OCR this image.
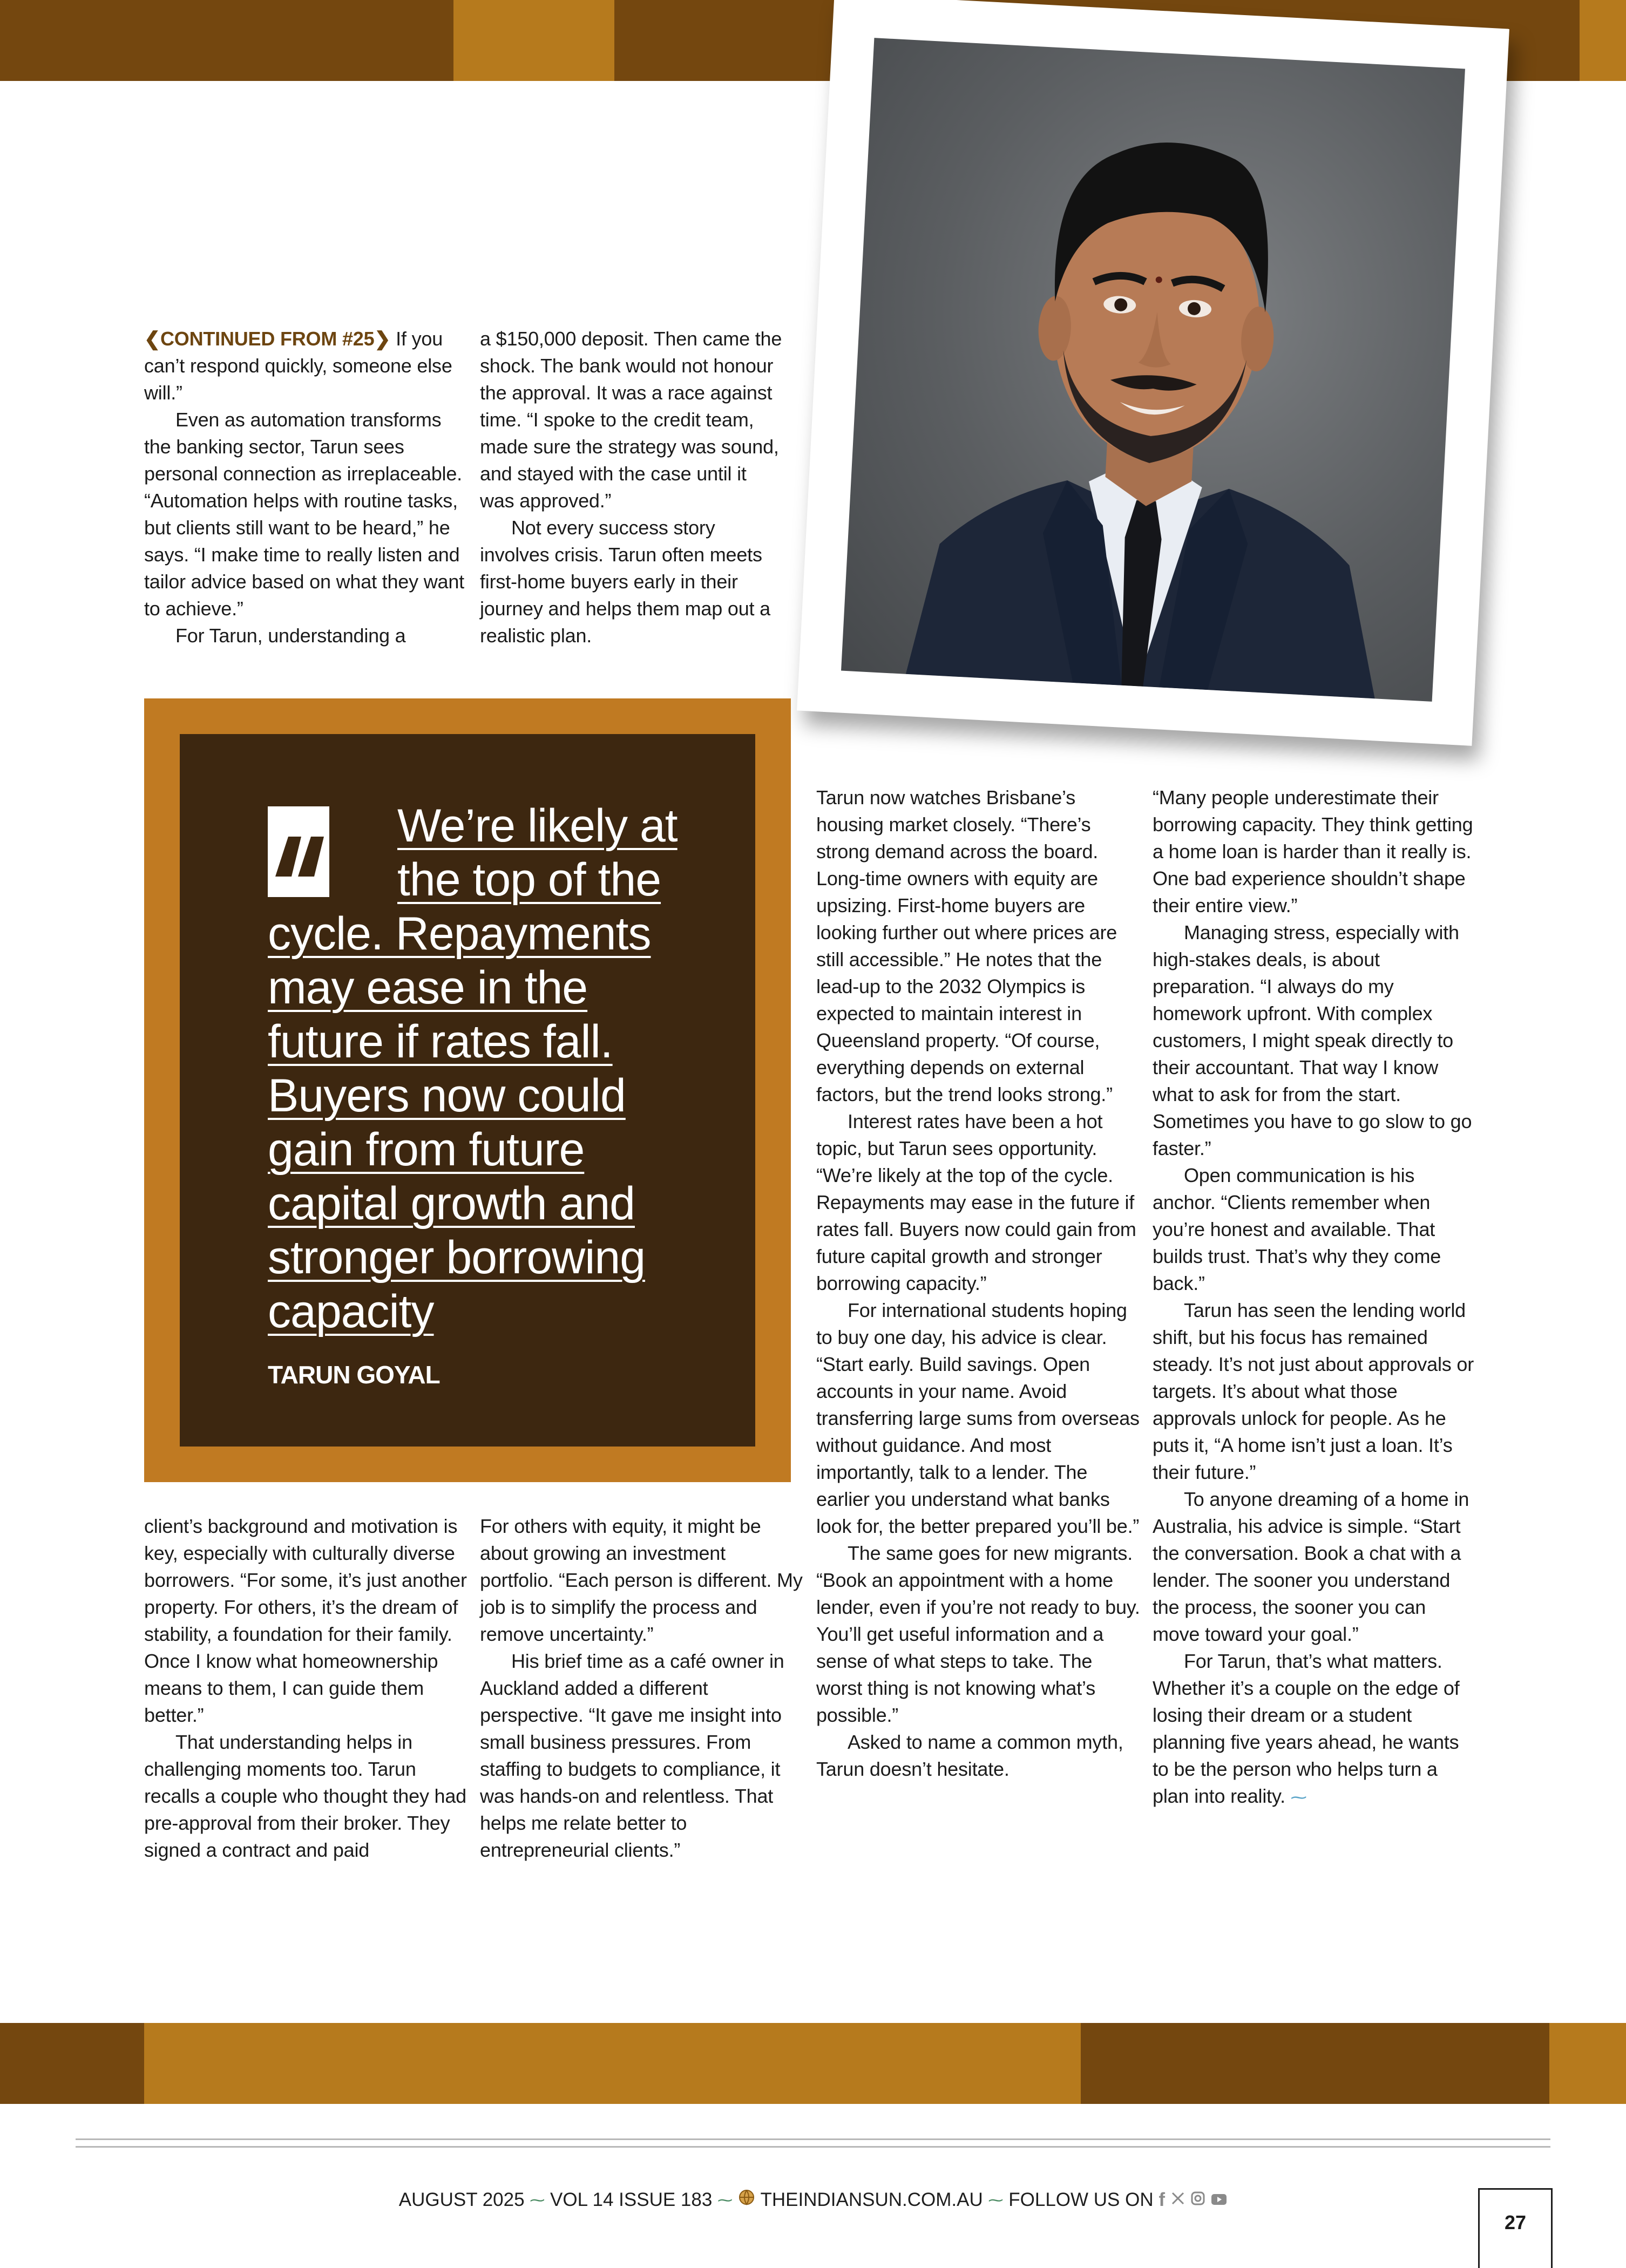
❮CONTINUED FROM #25❯ If you can’t respond quickly, someone else will.”

Even as automation transforms the banking sector, Tarun sees personal connection as irreplaceable. “Automation helps with routine tasks, but clients still want to be heard,” he says. “I make time to really listen and tailor advice based on what they want to achieve.”

For Tarun, understanding a

a $150,000 deposit. Then came the shock. The bank would not honour the approval. It was a race against time. “I spoke to the credit team, made sure the strategy was sound, and stayed with the case until it was approved.”

Not every success story involves crisis. Tarun often meets first-home buyers early in their journey and helps them map out a realistic plan.

We’re likely at the top of the cycle. Repayments may ease in the future if rates fall. Buyers now could gain from future capital growth and stronger borrowing capacity
TARUN GOYAL

Tarun now watches Brisbane’s housing market closely. “There’s strong demand across the board. Long-time owners with equity are upsizing. First-home buyers are looking further out where prices are still accessible.” He notes that the lead-up to the 2032 Olympics is expected to maintain interest in Queensland property. “Of course, everything depends on external factors, but the trend looks strong.”

Interest rates have been a hot topic, but Tarun sees opportunity. “We’re likely at the top of the cycle. Repayments may ease in the future if rates fall. Buyers now could gain from future capital growth and stronger borrowing capacity.”

For international students hoping to buy one day, his advice is clear. “Start early. Build savings. Open accounts in your name. Avoid transferring large sums from overseas without guidance. And most importantly, talk to a lender. The earlier you understand what banks look for, the better prepared you’ll be.”

The same goes for new migrants. “Book an appointment with a home lender, even if you’re not ready to buy. You’ll get useful information and a sense of what steps to take. The worst thing is not knowing what’s possible.”

Asked to name a common myth, Tarun doesn’t hesitate.

“Many people underestimate their borrowing capacity. They think getting a home loan is harder than it really is. One bad experience shouldn’t shape their entire view.”

Managing stress, especially with high-stakes deals, is about preparation. “I always do my homework upfront. With complex customers, I might speak directly to their accountant. That way I know what to ask for from the start. Sometimes you have to go slow to go faster.”

Open communication is his anchor. “Clients remember when you’re honest and available. That builds trust. That’s why they come back.”

Tarun has seen the lending world shift, but his focus has remained steady. It’s not just about approvals or targets. It’s about what those approvals unlock for people. As he puts it, “A home isn’t just a loan. It’s their future.”

To anyone dreaming of a home in Australia, his advice is simple. “Start the conversation. Book a chat with a lender. The sooner you understand the process, the sooner you can move toward your goal.”

For Tarun, that’s what matters. Whether it’s a couple on the edge of losing their dream or a student planning five years ahead, he wants to be the person who helps turn a plan into reality. ⁓

client’s background and motivation is key, especially with culturally diverse borrowers. “For some, it’s just another property. For others, it’s the dream of stability, a foundation for their family. Once I know what homeownership means to them, I can guide them better.”

That understanding helps in challenging moments too. Tarun recalls a couple who thought they had pre-approval from their broker. They signed a contract and paid

For others with equity, it might be about growing an investment portfolio. “Each person is different. My job is to simplify the process and remove uncertainty.”

His brief time as a café owner in Auckland added a different perspective. “It gave me insight into small business pressures. From staffing to budgets to compliance, it was hands-on and relentless. That helps me relate better to entrepreneurial clients.”

AUGUST 2025 ⁓ VOL 14 ISSUE 183 ⁓ THEINDIANSUN.COM.AU ⁓ FOLLOW US ON f
27
